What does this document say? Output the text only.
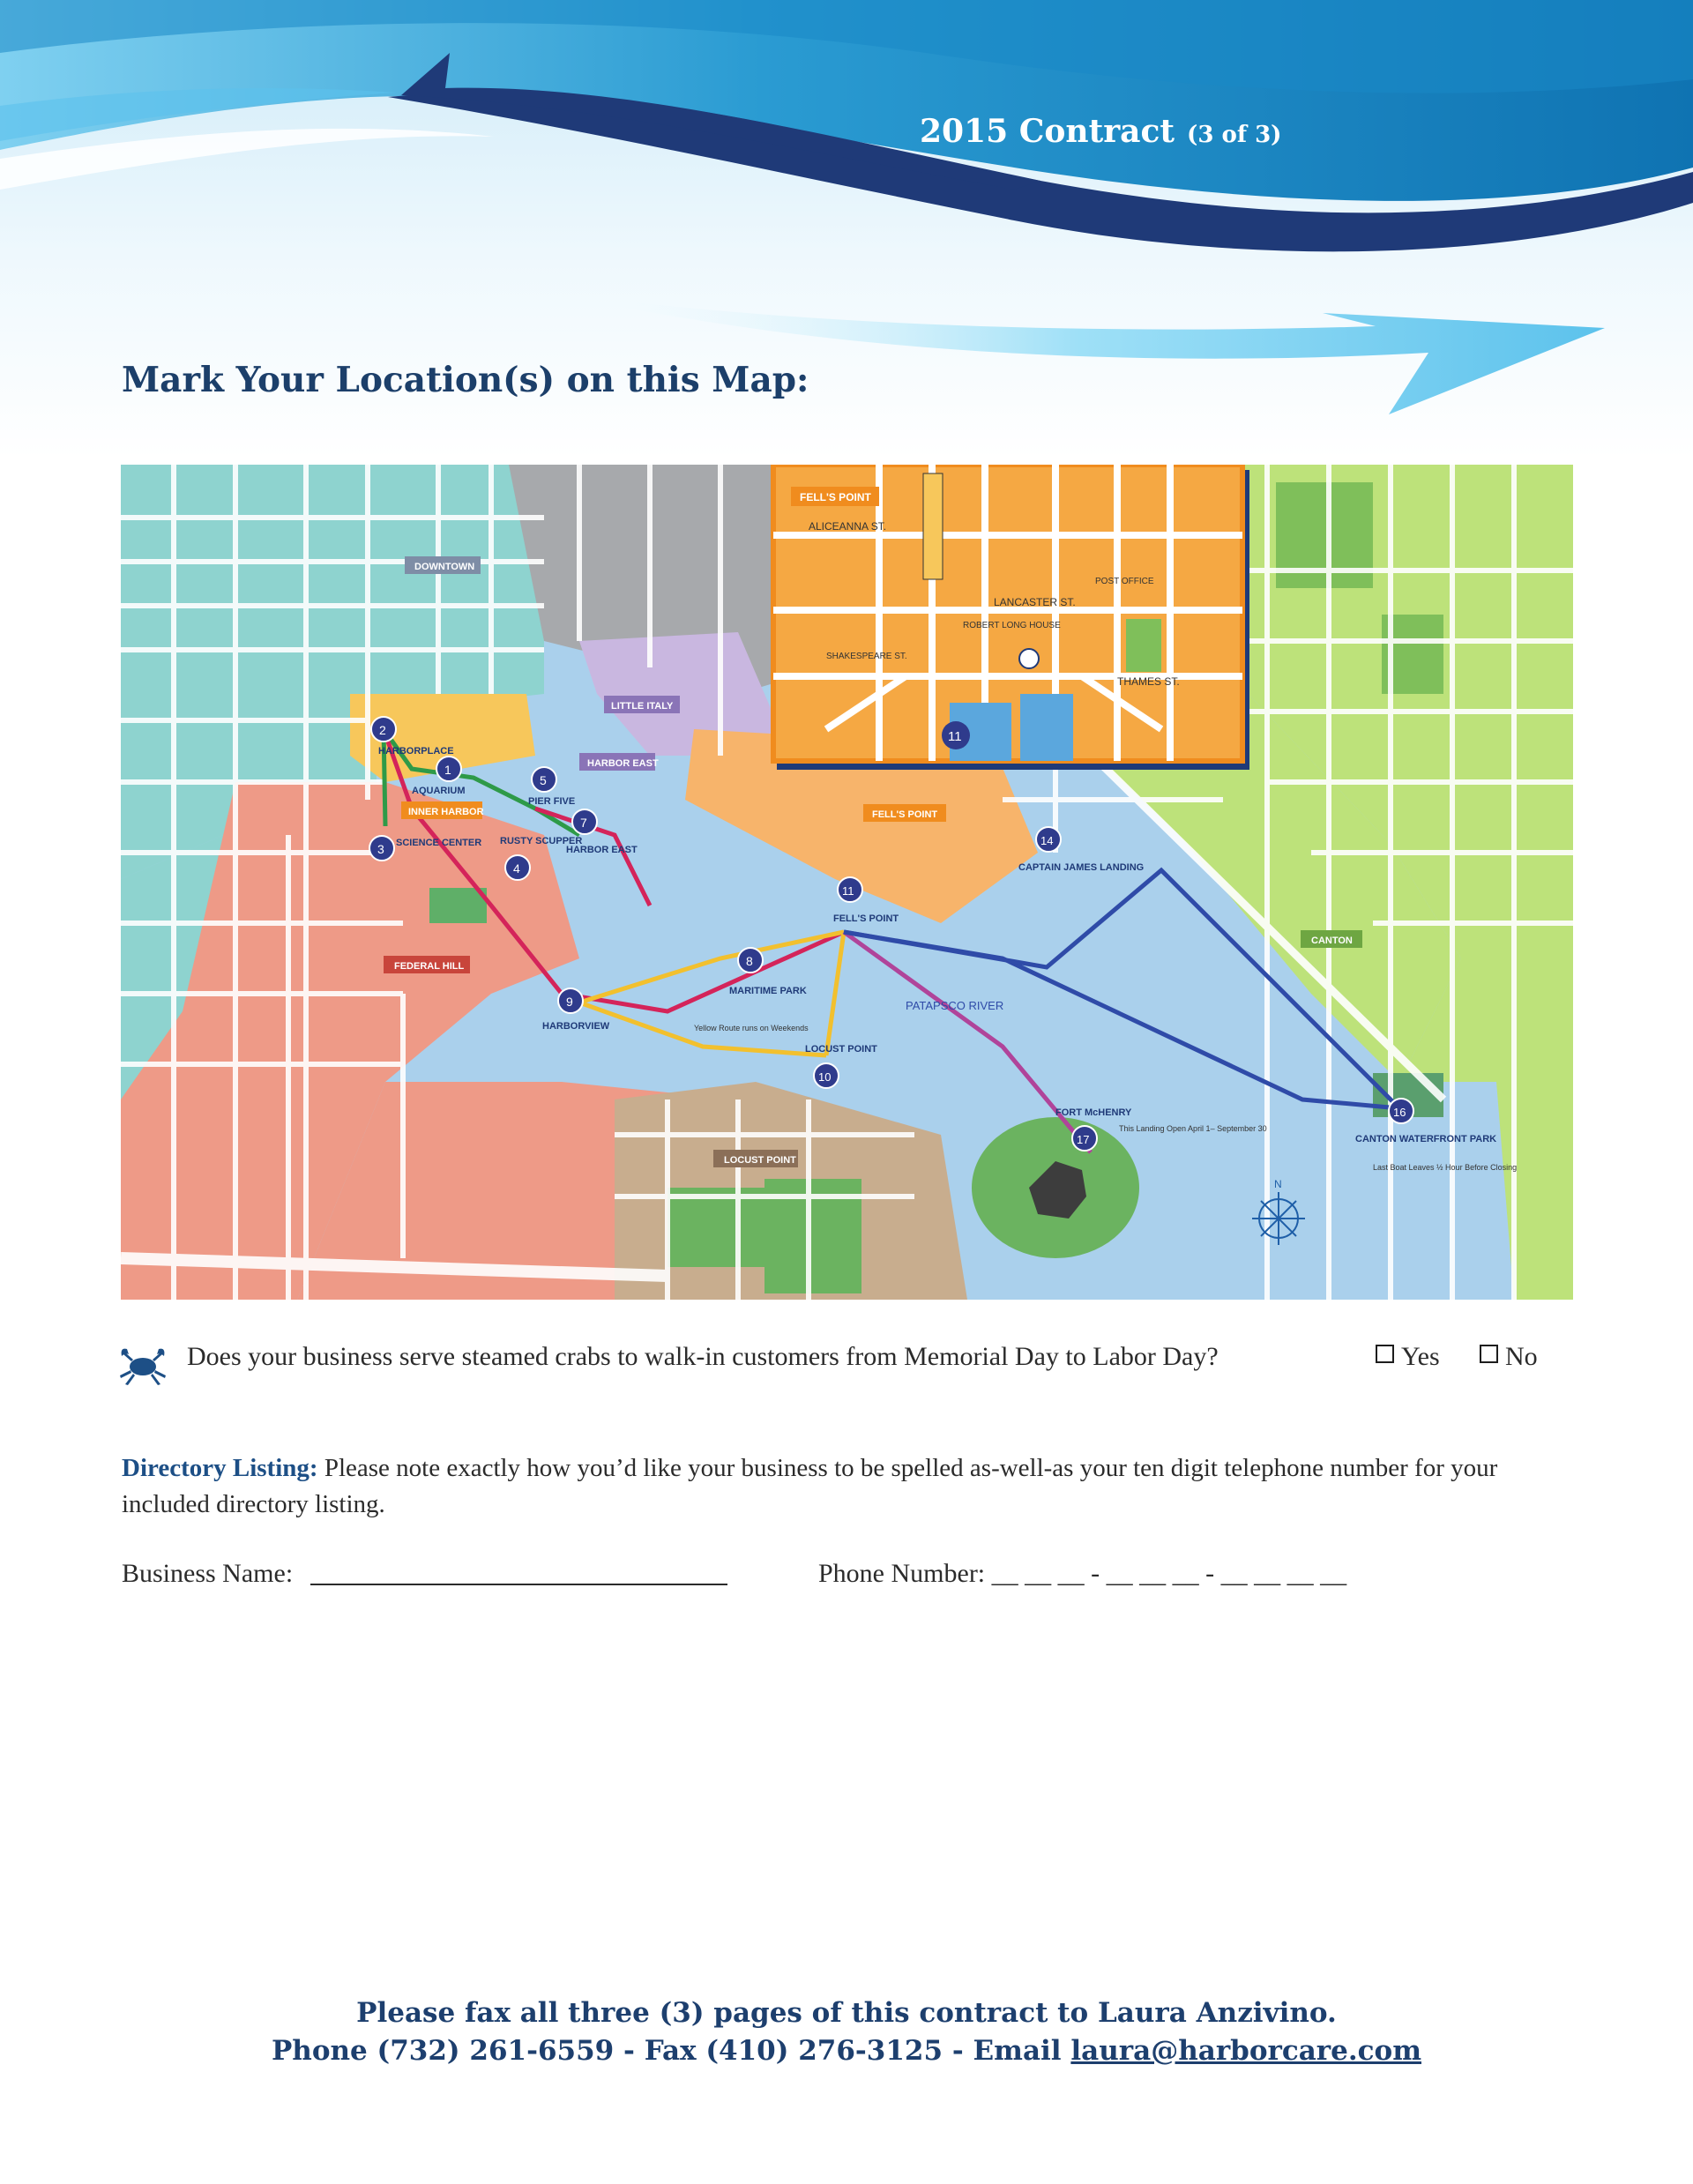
2015 Contract (3 of 3)
Mark Your Location(s) on this Map:
FELL'S POINT
ALICEANNA ST.
LANCASTER ST.
ROBERT LONG HOUSE
SHAKESPEARE ST.
THAMES ST.
POST OFFICE
11
1
2
3
4
5
7
8
9
10
11
14
16
17
DOWNTOWN
LITTLE ITALY
HARBOR EAST
INNER HARBOR
FEDERAL HILL
FELL'S POINT
CANTON
LOCUST POINT
PATAPSCO RIVER
AQUARIUM
HARBORPLACE
SCIENCE CENTER RUSTY SCUPPER
PIER FIVE
HARBOR EAST
MARITIME PARK
HARBORVIEW
LOCUST POINT
FELL'S POINT
CAPTAIN JAMES LANDING
CANTON WATERFRONT PARK
FORT McHENRY
Yellow Route runs on Weekends
This Landing Open April 1– September 30
Last Boat Leaves ½ Hour Before Closing
N
Does your business serve steamed crabs to walk-in customers from Memorial Day to Labor Day?	Yes	No
Directory Listing: Please note exactly how you’d like your business to be spelled as-well-as your ten digit telephone number for your included directory listing.
Business Name:	Phone Number: __ __ __ - __ __ __ - __ __ __ __
Please fax all three (3) pages of this contract to Laura Anzivino.
Phone (732) 261-6559 - Fax (410) 276-3125 - Email laura@harborcare.com
